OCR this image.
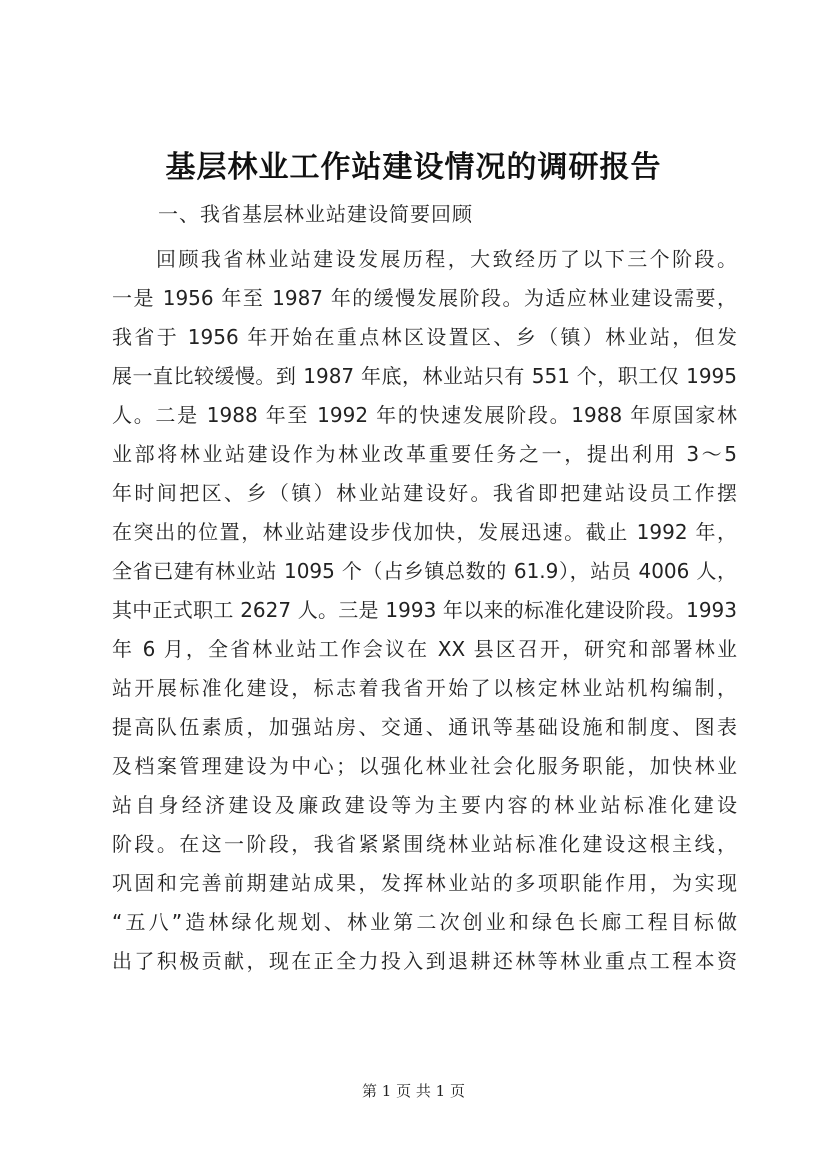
基层林业工作站建设情况的调研报告
一、我省基层林业站建设简要回顾
回顾我省林业站建设发展历程，大致经历了以下三个阶段。
一是 1956 年至 1987 年的缓慢发展阶段。为适应林业建设需要，
我省于 1956 年开始在重点林区设置区、乡（镇）林业站，但发
展一直比较缓慢。到 1987 年底，林业站只有 551 个，职工仅 1995
人。二是 1988 年至 1992 年的快速发展阶段。1988 年原国家林
业部将林业站建设作为林业改革重要任务之一，提出利用 3～5
年时间把区、乡（镇）林业站建设好。我省即把建站设员工作摆
在突出的位置，林业站建设步伐加快，发展迅速。截止 1992 年，
全省已建有林业站 1095 个（占乡镇总数的 61.9），站员 4006 人，
其中正式职工 2627 人。三是 1993 年以来的标准化建设阶段。1993
年 6 月，全省林业站工作会议在 XX 县区召开，研究和部署林业
站开展标准化建设，标志着我省开始了以核定林业站机构编制，
提高队伍素质，加强站房、交通、通讯等基础设施和制度、图表
及档案管理建设为中心；以强化林业社会化服务职能，加快林业
站自身经济建设及廉政建设等为主要内容的林业站标准化建设
阶段。在这一阶段，我省紧紧围绕林业站标准化建设这根主线，
巩固和完善前期建站成果，发挥林业站的多项职能作用，为实现
“五八”造林绿化规划、林业第二次创业和绿色长廊工程目标做
出了积极贡献，现在正全力投入到退耕还林等林业重点工程本资
第 1 页 共 1 页
